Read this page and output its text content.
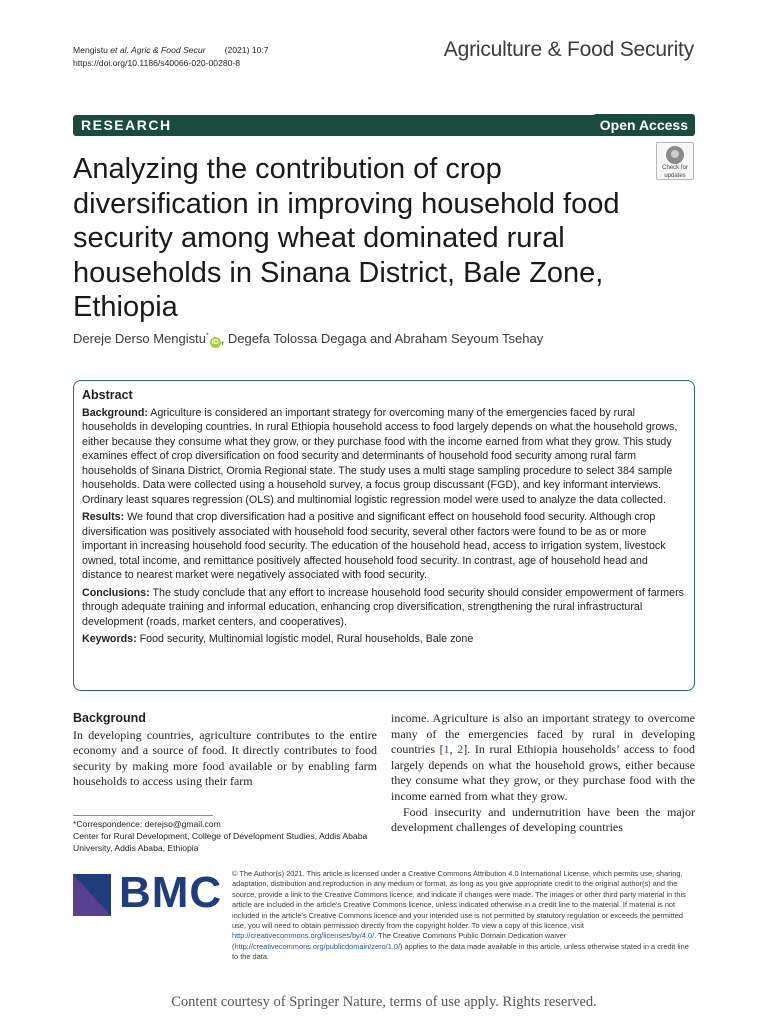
Mengistu et al. Agric & Food Secur (2021) 10:7
https://doi.org/10.1186/s40066-020-00280-8
Agriculture & Food Security
RESEARCH	Open Access
Check for
updates
Analyzing the contribution of crop diversification in improving household food security among wheat dominated rural households in Sinana District, Bale Zone, Ethiopia
Dereje Derso Mengistu*iD , Degefa Tolossa Degaga and Abraham Seyoum Tsehay
Abstract

Background: Agriculture is considered an important strategy for overcoming many of the emergencies faced by rural households in developing countries. In rural Ethiopia household access to food largely depends on what the household grows, either because they consume what they grow, or they purchase food with the income earned from what they grow. This study examines effect of crop diversification on food security and determinants of household food security among rural farm households of Sinana District, Oromia Regional state. The study uses a multi stage sampling procedure to select 384 sample households. Data were collected using a household survey, a focus group discussant (FGD), and key informant interviews. Ordinary least squares regression (OLS) and multinomial logistic regression model were used to analyze the data collected.

Results: We found that crop diversification had a positive and significant effect on household food security. Although crop diversification was positively associated with household food security, several other factors were found to be as or more important in increasing household food security. The education of the household head, access to irrigation system, livestock owned, total income, and remittance positively affected household food security. In contrast, age of household head and distance to nearest market were negatively associated with food security.

Conclusions: The study conclude that any effort to increase household food security should consider empowerment of farmers through adequate training and informal education, enhancing crop diversification, strengthening the rural infrastructural development (roads, market centers, and cooperatives).

Keywords: Food security, Multinomial logistic model, Rural households, Bale zone

Background
In developing countries, agriculture contributes to the entire economy and a source of food. It directly contributes to food security by making more food available or by enabling farm households to access using their farm
income. Agriculture is also an important strategy to overcome many of the emergencies faced by rural in developing countries [1, 2]. In rural Ethiopia households’ access to food largely depends on what the household grows, either because they consume what they grow, or they purchase food with the income earned from what they grow.
Food insecurity and undernutrition have been the major development challenges of developing countries
*Correspondence: derejso@gmail.com
Center for Rural Development, College of Development Studies, Addis Ababa University, Addis Ababa, Ethiopia
BMC © The Author(s) 2021. This article is licensed under a Creative Commons Attribution 4.0 International License, which permits use, sharing, adaptation, distribution and reproduction in any medium or format, as long as you give appropriate credit to the original author(s) and the source, provide a link to the Creative Commons licence, and indicate if changes were made. The images or other third party material in this article are included in the article’s Creative Commons licence, unless indicated otherwise in a credit line to the material. If material is not included in the article’s Creative Commons licence and your intended use is not permitted by statutory regulation or exceeds the permitted use, you will need to obtain permission directly from the copyright holder. To view a copy of this licence, visit http://creativecommons.org/licenses/by/4.0/. The Creative Commons Public Domain Dedication waiver (http://creativecommons.org/publicdomain/zero/1.0/) applies to the data made available in this article, unless otherwise stated in a credit line to the data.
Content courtesy of Springer Nature, terms of use apply. Rights reserved.
